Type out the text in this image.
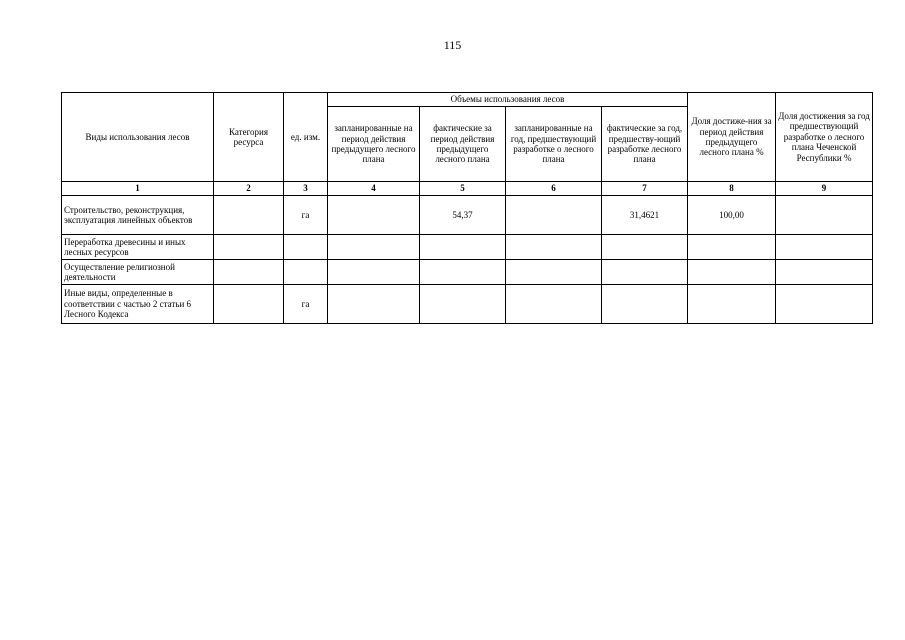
115
Виды использования лесов	Категория ресурса	ед. изм.	Объемы использования лесов				Доля достиже-ния за период действия предыдущего лесного плана %	Доля достижения за год предшествующий разработке о лесного плана Чеченской Республики %
			запланированные на период действия предыдущего лесного плана	фактические за период действия предыдущего лесного плана	запланированные на год, предшествующий разработке о лесного плана	фактические за год, предшеству-ющий разработке лесного плана		
1	2	3	4	5	6	7	8	9
Строительство, реконструкция, эксплуатация линейных объектов		га		54,37		31,4621	100,00	
Переработка древесины и иных лесных ресурсов								
Осуществление религиозной деятельности								
Иные виды, определенные в соответствии с частью 2 статьи 6 Лесного Кодекса		га						
